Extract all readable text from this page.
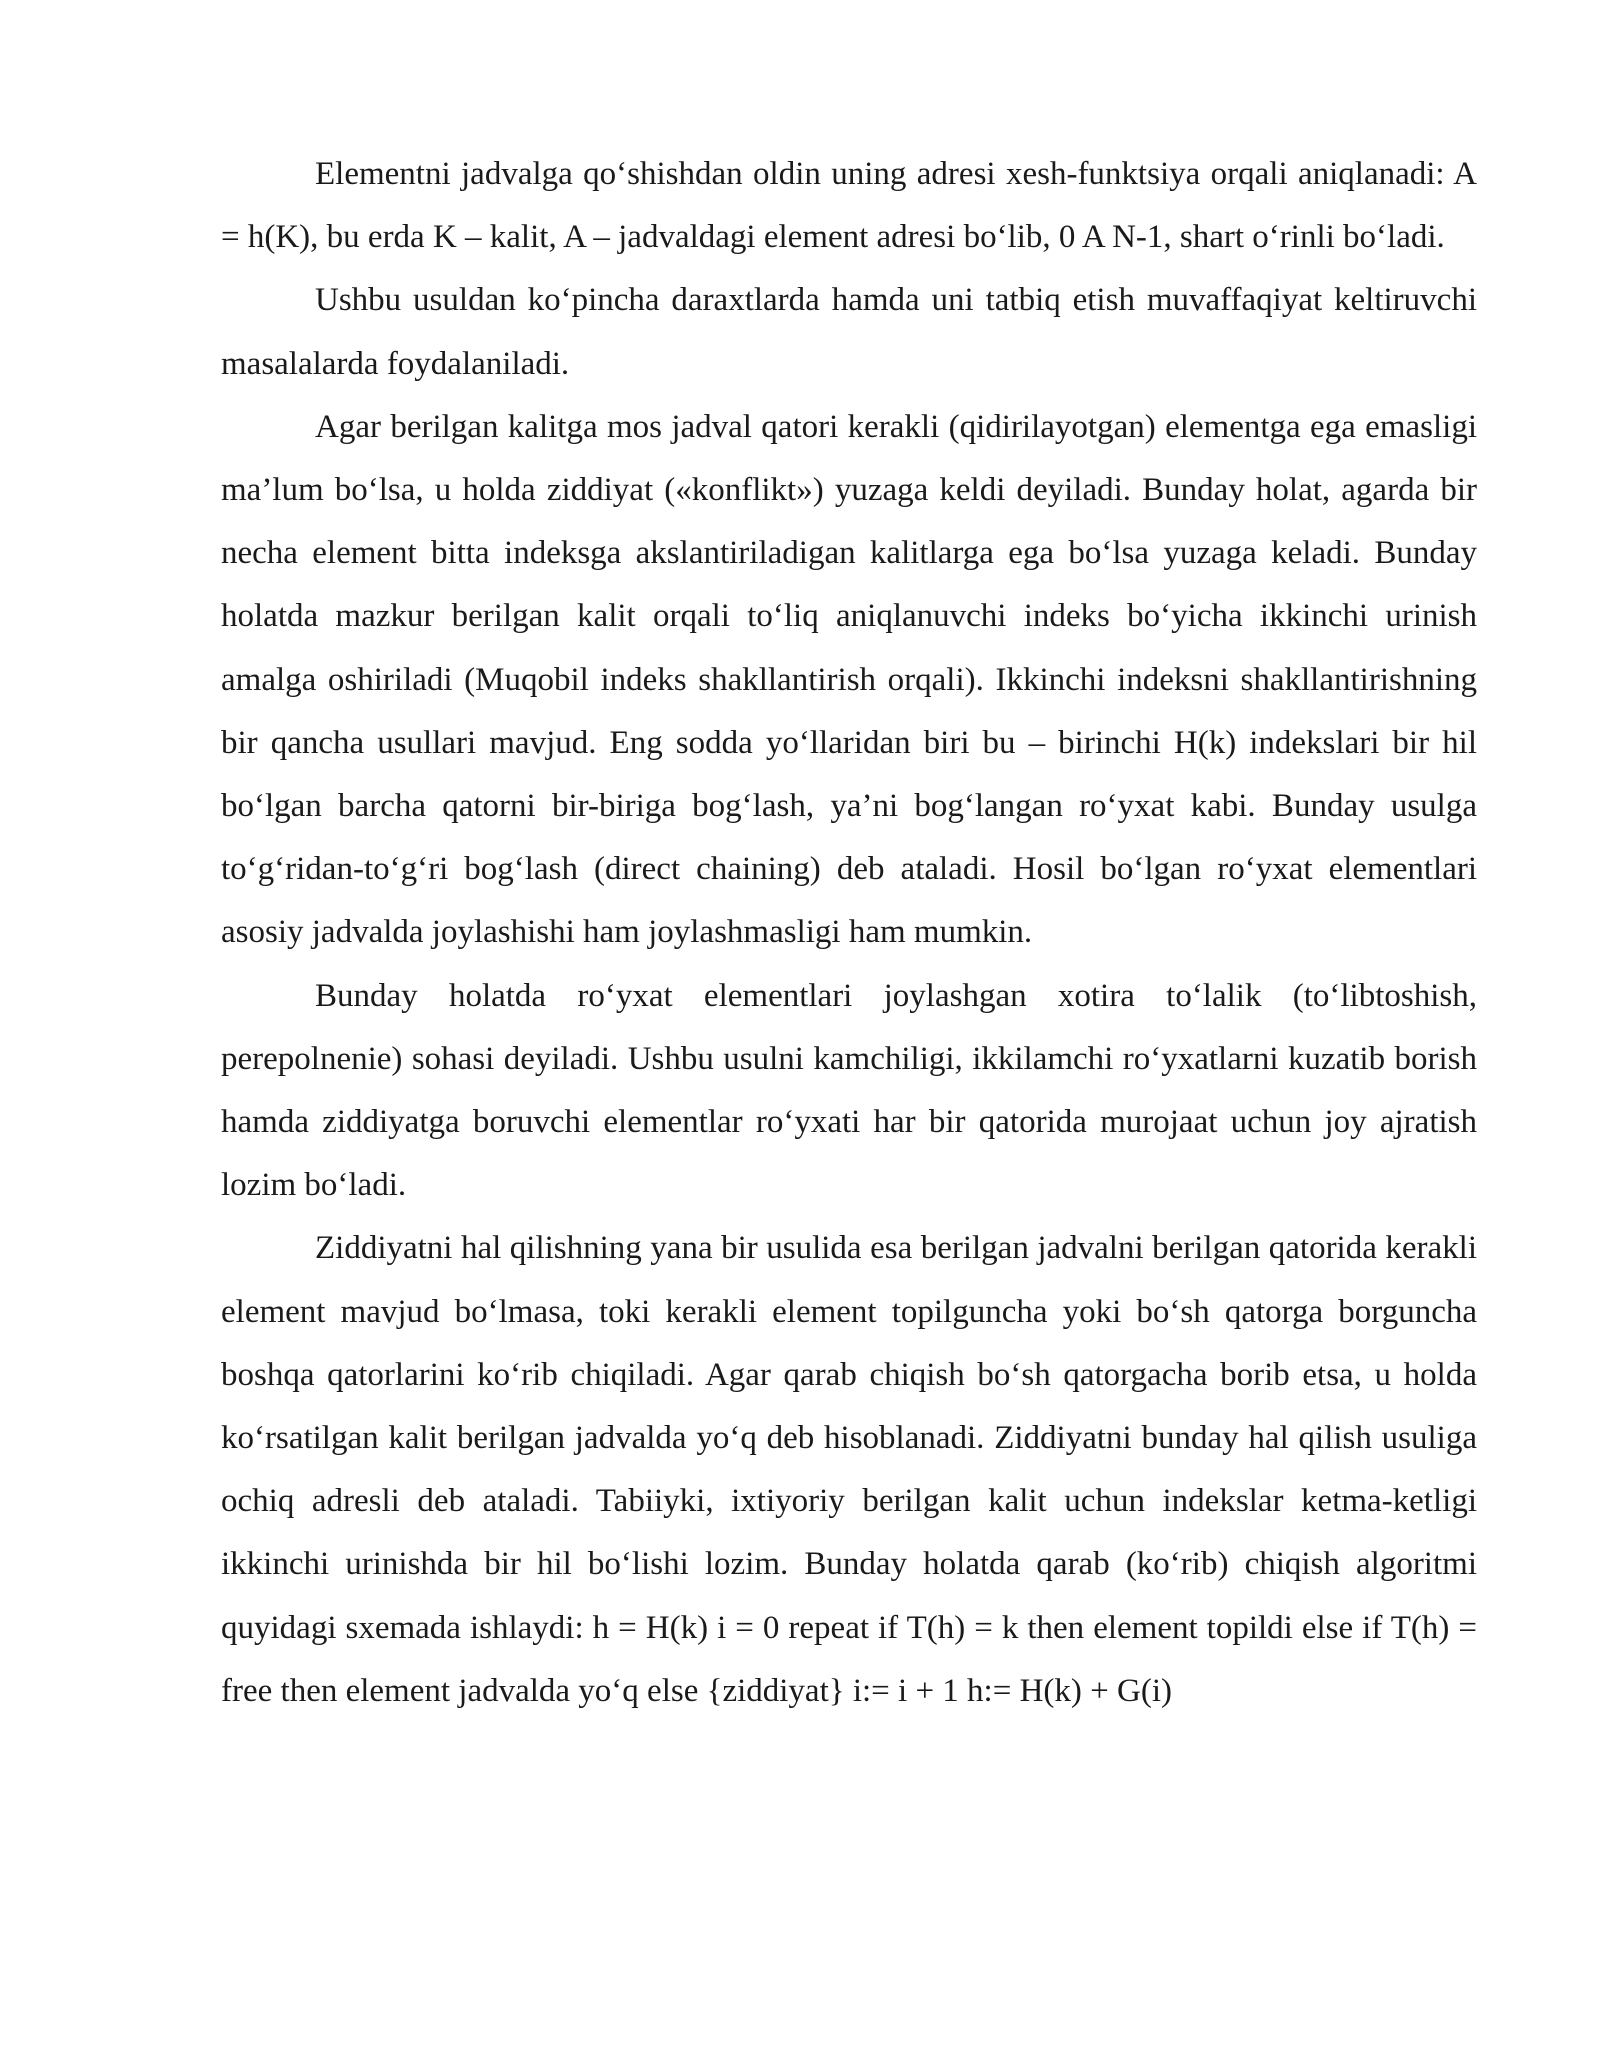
Elementni jadvalga qo‘shishdan oldin uning adresi xesh-funktsiya orqali aniqlanadi: A = h(K), bu erda K – kalit, A – jadvaldagi element adresi bo‘lib, 0 A N-1, shart o‘rinli bo‘ladi.

Ushbu usuldan ko‘pincha daraxtlarda hamda uni tatbiq etish muvaffaqiyat keltiruvchi masalalarda foydalaniladi.

Agar berilgan kalitga mos jadval qatori kerakli (qidirilayotgan) elementga ega emasligi ma’lum bo‘lsa, u holda ziddiyat («konflikt») yuzaga keldi deyiladi. Bunday holat, agarda bir necha element bitta indeksga akslantiriladigan kalitlarga ega bo‘lsa yuzaga keladi. Bunday holatda mazkur berilgan kalit orqali to‘liq aniqlanuvchi indeks bo‘yicha ikkinchi urinish amalga oshiriladi (Muqobil indeks shakllantirish orqali). Ikkinchi indeksni shakllantirishning bir qancha usullari mavjud. Eng sodda yo‘llaridan biri bu – birinchi H(k) indekslari bir hil bo‘lgan barcha qatorni bir-biriga bog‘lash, ya’ni bog‘langan ro‘yxat kabi. Bunday usulga to‘g‘ridan-to‘g‘ri bog‘lash (direct chaining) deb ataladi. Hosil bo‘lgan ro‘yxat elementlari asosiy jadvalda joylashishi ham joylashmasligi ham mumkin.

Bunday holatda ro‘yxat elementlari joylashgan xotira to‘lalik (to‘libtoshish, perepolnenie) sohasi deyiladi. Ushbu usulni kamchiligi, ikkilamchi ro‘yxatlarni kuzatib borish hamda ziddiyatga boruvchi elementlar ro‘yxati har bir qatorida murojaat uchun joy ajratish lozim bo‘ladi.

Ziddiyatni hal qilishning yana bir usulida esa berilgan jadvalni berilgan qatorida kerakli element mavjud bo‘lmasa, toki kerakli element topilguncha yoki bo‘sh qatorga borguncha boshqa qatorlarini ko‘rib chiqiladi. Agar qarab chiqish bo‘sh qatorgacha borib etsa, u holda ko‘rsatilgan kalit berilgan jadvalda yo‘q deb hisoblanadi. Ziddiyatni bunday hal qilish usuliga ochiq adresli deb ataladi. Tabiiyki, ixtiyoriy berilgan kalit uchun indekslar ketma-ketligi ikkinchi urinishda bir hil bo‘lishi lozim. Bunday holatda qarab (ko‘rib) chiqish algoritmi quyidagi sxemada ishlaydi: h = H(k) i = 0 repeat if T(h) = k then element topildi else if T(h) = free then element jadvalda yo‘q else {ziddiyat} i:= i + 1 h:= H(k) + G(i)
